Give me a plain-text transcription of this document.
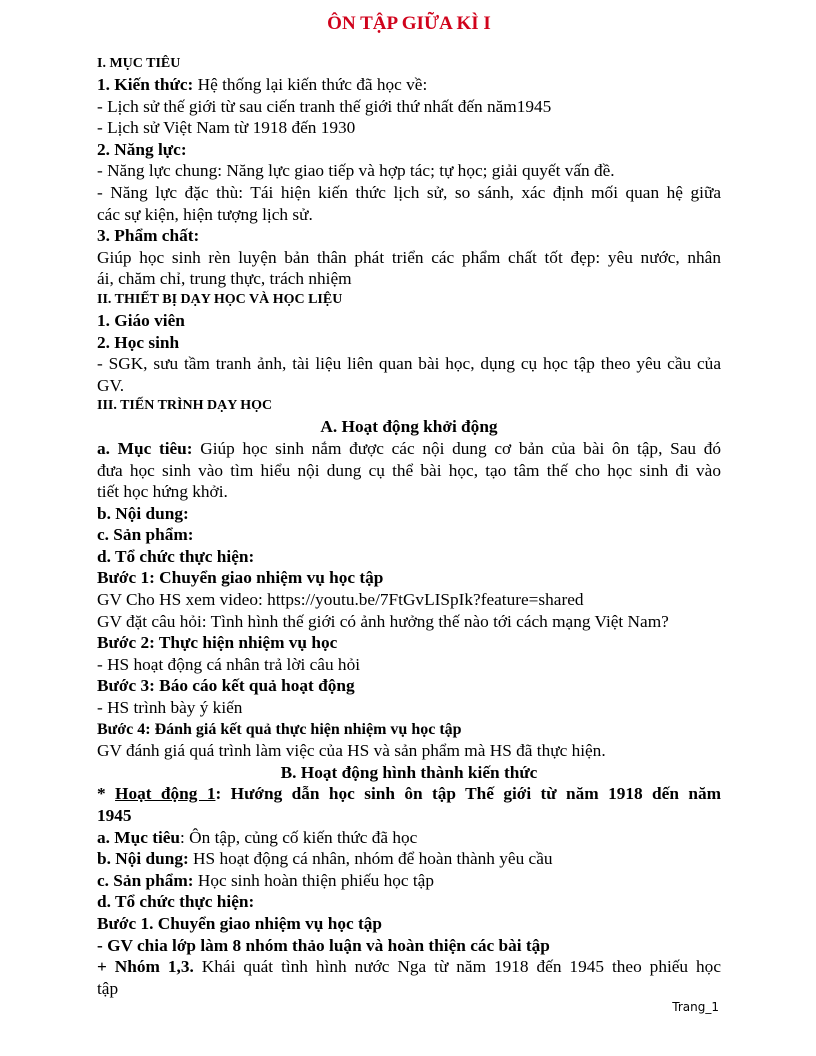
ÔN TẬP GIỮA KÌ I
I. MỤC TIÊU
1. Kiến thức: Hệ thống lại kiến thức đã học về:
- Lịch sử thế giới từ sau ciến tranh thế giới thứ nhất đến năm1945
- Lịch sử Việt Nam từ 1918 đến 1930
2. Năng lực:
- Năng lực chung: Năng lực giao tiếp và hợp tác; tự học; giải quyết vấn đề.
- Năng lực đặc thù: Tái hiện kiến thức lịch sử, so sánh, xác định mối quan hệ giữa
các sự kiện, hiện tượng lịch sử.
3. Phẩm chất:
Giúp học sinh rèn luyện bản thân phát triển các phẩm chất tốt đẹp: yêu nước, nhân
ái, chăm chỉ, trung thực, trách nhiệm
II. THIẾT BỊ DẠY HỌC VÀ HỌC LIỆU
1. Giáo viên
2. Học sinh
- SGK, sưu tầm tranh ảnh, tài liệu liên quan bài học, dụng cụ học tập theo yêu cầu của
GV.
III. TIẾN TRÌNH DẠY HỌC
A. Hoạt động khởi động
a. Mục tiêu: Giúp học sinh nắm được các nội dung cơ bản của bài ôn tập, Sau đó
đưa học sinh vào tìm hiểu nội dung cụ thể bài học, tạo tâm thế cho học sinh đi vào
tiết học hứng khởi.
b. Nội dung:
c. Sản phẩm:
d. Tổ chức thực hiện:
Bước 1: Chuyển giao nhiệm vụ học tập
GV Cho HS xem video: https://youtu.be/7FtGvLISpIk?feature=shared
GV đặt câu hỏi: Tình hình thế giới có ảnh hưởng thế nào tới cách mạng Việt Nam?
Bước 2: Thực hiện nhiệm vụ học
- HS hoạt động cá nhân trả lời câu hỏi
Bước 3: Báo cáo kết quả hoạt động
- HS trình bày ý kiến
Bước 4: Đánh giá kết quả thực hiện nhiệm vụ học tập
GV đánh giá quá trình làm việc của HS và sản phẩm mà HS đã thực hiện.
B. Hoạt động hình thành kiến thức
* Hoạt động 1: Hướng dẫn học sinh ôn tập Thế giới từ năm 1918 dến năm
1945
a. Mục tiêu: Ôn tập, củng cố kiến thức đã học
b. Nội dung: HS hoạt động cá nhân, nhóm để hoàn thành yêu cầu
c. Sản phẩm: Học sinh hoàn thiện phiếu học tập
d. Tổ chức thực hiện:
Bước 1. Chuyển giao nhiệm vụ học tập
- GV chia lớp làm 8 nhóm thảo luận và hoàn thiện các bài tập
+ Nhóm 1,3. Khái quát tình hình nước Nga từ năm 1918 đến 1945 theo phiếu học
tập
Trang_1
